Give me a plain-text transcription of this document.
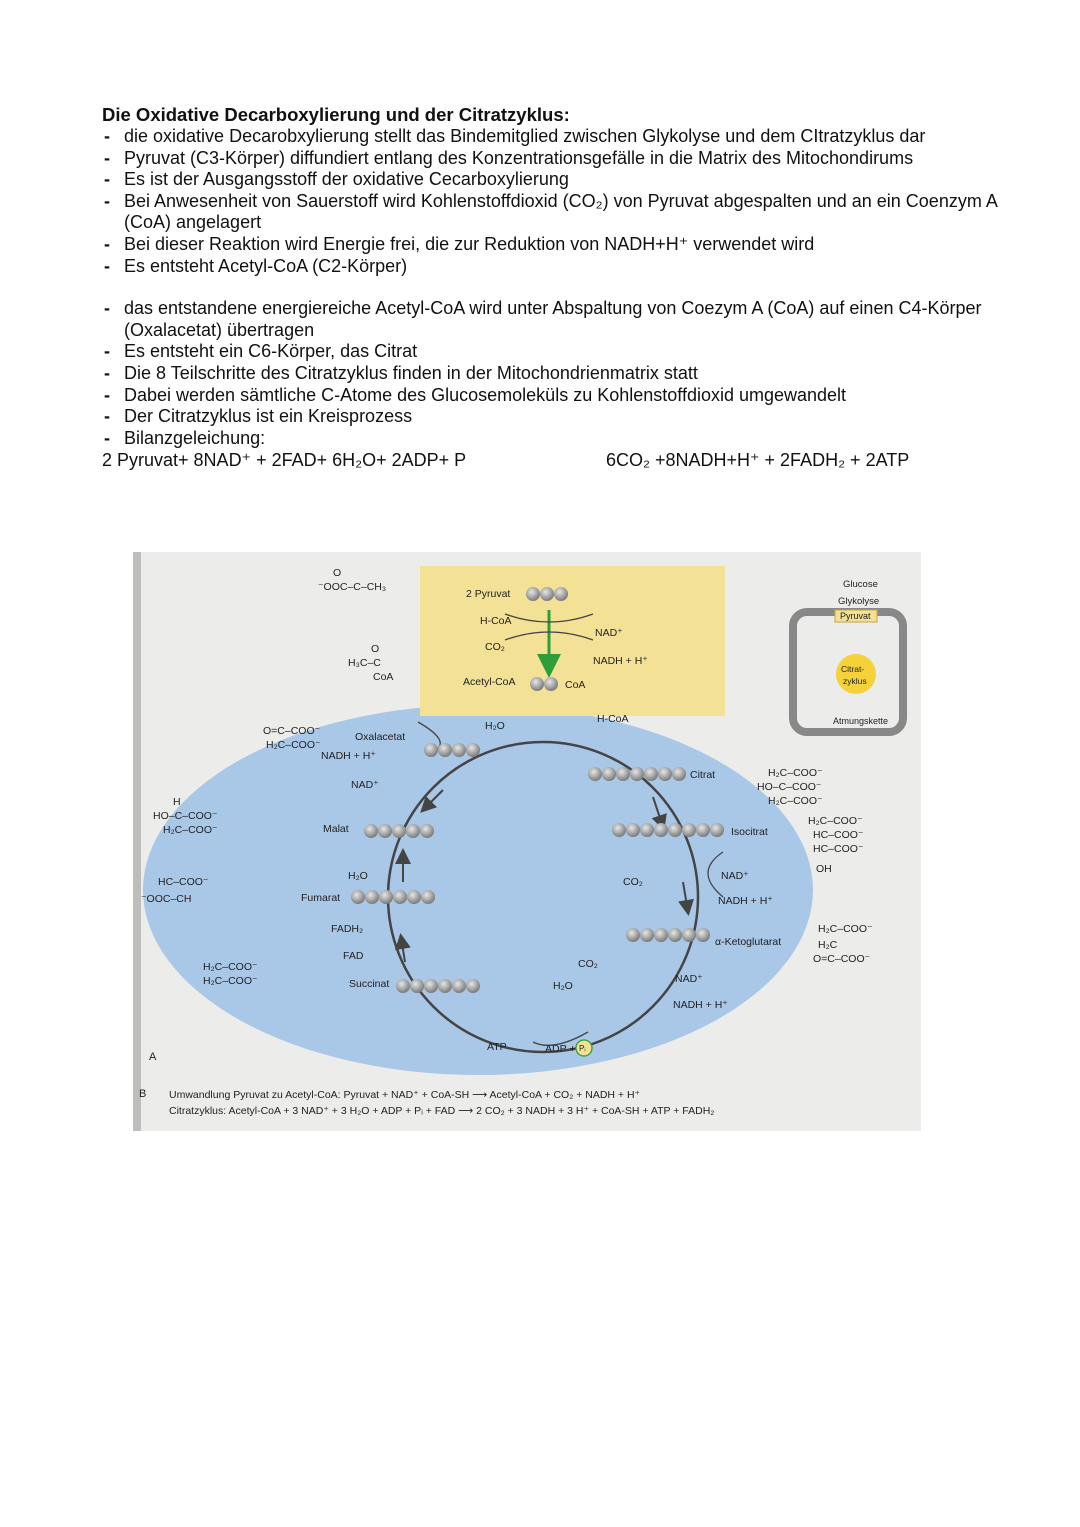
Die Oxidative Decarboxylierung und der Citratzyklus:
- die oxidative Decarobxylierung stellt das Bindemitglied zwischen Glykolyse und dem CItratzyklus dar
- Pyruvat (C3-Körper) diffundiert entlang des Konzentrationsgefälle in die Matrix des Mitochondirums
- Es ist der Ausgangsstoff der oxidative Cecarboxylierung
- Bei Anwesenheit von Sauerstoff wird Kohlenstoffdioxid (CO₂) von Pyruvat abgespalten und an ein Coenzym A (CoA) angelagert
- Bei dieser Reaktion wird Energie frei, die zur Reduktion von NADH+H⁺ verwendet wird
- Es entsteht Acetyl-CoA (C2-Körper)
- das entstandene energiereiche Acetyl-CoA wird unter Abspaltung von Coezym A (CoA) auf einen C4-Körper (Oxalacetat) übertragen
- Es entsteht ein C6-Körper, das Citrat
- Die 8 Teilschritte des Citratzyklus finden in der Mitochondrienmatrix statt
- Dabei werden sämtliche C-Atome des Glucosemoleküls zu Kohlenstoffdioxid umgewandelt
- Der Citratzyklus ist ein Kreisprozess
- Bilanzgeleichung:
2 Pyruvat+ 8NAD⁺ + 2FAD+ 6H₂O+ 2ADP+ P	6CO₂ +8NADH+H⁺ + 2FADH₂ + 2ATP
O
⁻OOC–C–CH₃
O
H₃C–C
CoA
O=C–COO⁻
H₂C–COO⁻
H
HO–C–COO⁻
H₂C–COO⁻
HC–COO⁻
⁻OOC–CH
H₂C–COO⁻
H₂C–COO⁻
H₂C–COO⁻
HO–C–COO⁻
H₂C–COO⁻
H₂C–COO⁻
HC–COO⁻
HC–COO⁻
OH
H₂C–COO⁻
H₂C
O=C–COO⁻
2 Pyruvat
H-CoA
CO₂
NAD⁺
NADH + H⁺
Acetyl-CoA	CoA
H₂O
H-CoA
Oxalacetat
NADH + H⁺
NAD⁺
Malat
H₂O
Fumarat
FADH₂
FAD
Succinat
Citrat
Isocitrat
CO₂	NAD⁺
NADH + H⁺
α-Ketoglutarat
CO₂
H₂O
NAD⁺
NADH + H⁺
ATP	ADP + Pᵢ
Glucose
Glykolyse
Pyruvat
Citrat-
zyklus
Atmungskette
A
B Umwandlung Pyruvat zu Acetyl-CoA: Pyruvat + NAD⁺ + CoA-SH ⟶ Acetyl-CoA + CO₂ + NADH + H⁺
Citratzyklus: Acetyl-CoA + 3 NAD⁺ + 3 H₂O + ADP + Pᵢ + FAD ⟶ 2 CO₂ + 3 NADH + 3 H⁺ + CoA-SH + ATP + FADH₂
